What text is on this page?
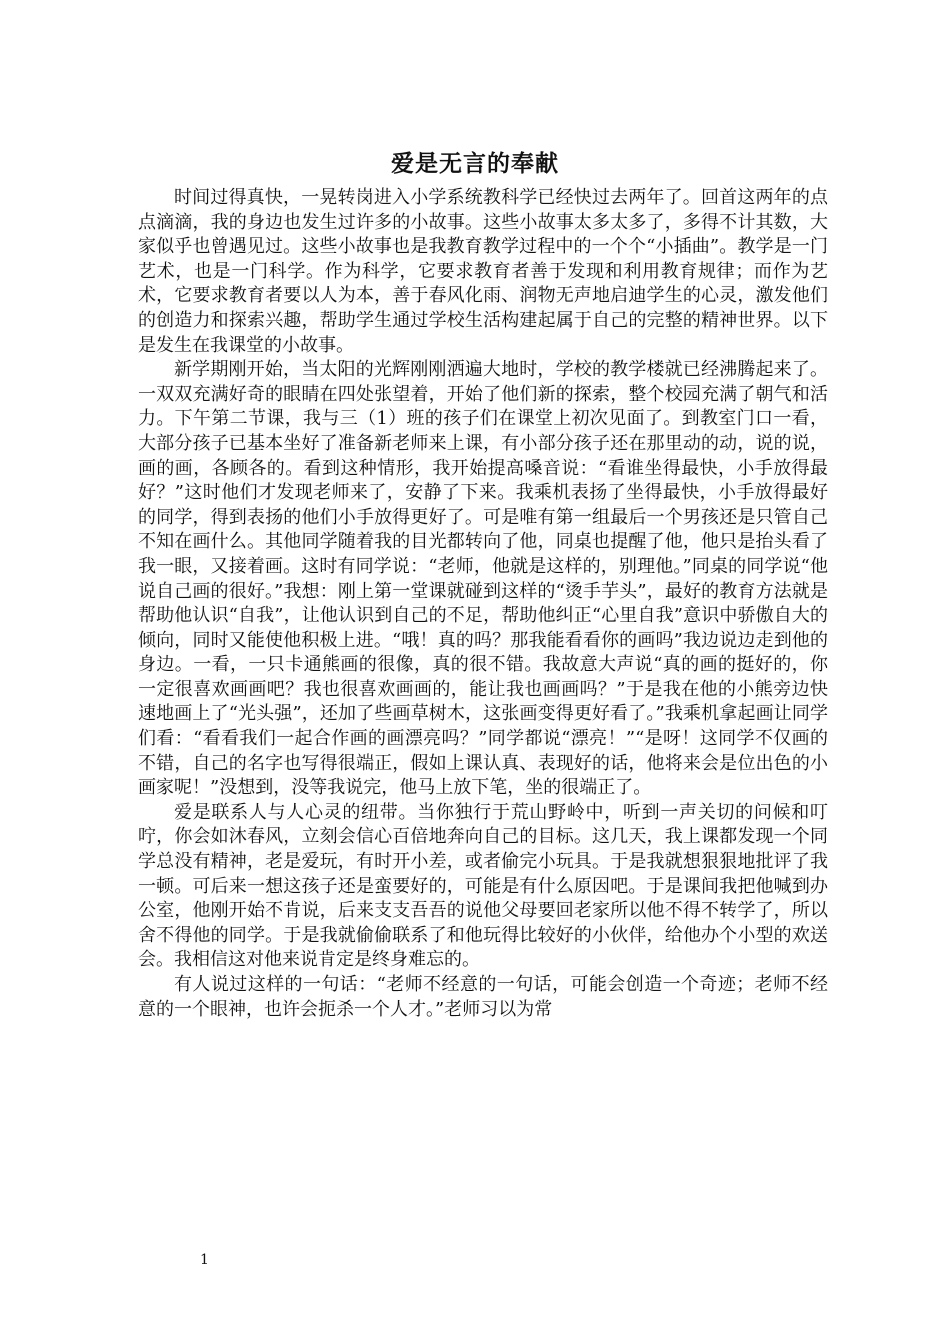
爱是无言的奉献

时间过得真快，一晃转岗进入小学系统教科学已经快过去两年了。回首这两年的点点滴滴，我的身边也发生过许多的小故事。这些小故事太多太多了，多得不计其数，大家似乎也曾遇见过。这些小故事也是我教育教学过程中的一个个“小插曲”。教学是一门艺术，也是一门科学。作为科学，它要求教育者善于发现和利用教育规律；而作为艺术，它要求教育者要以人为本，善于春风化雨、润物无声地启迪学生的心灵，激发他们的创造力和探索兴趣，帮助学生通过学校生活构建起属于自己的完整的精神世界。以下是发生在我课堂的小故事。

新学期刚开始，当太阳的光辉刚刚洒遍大地时，学校的教学楼就已经沸腾起来了。一双双充满好奇的眼睛在四处张望着，开始了他们新的探索，整个校园充满了朝气和活力。下午第二节课，我与三（1）班的孩子们在课堂上初次见面了。到教室门口一看，大部分孩子已基本坐好了准备新老师来上课，有小部分孩子还在那里动的动，说的说，画的画，各顾各的。看到这种情形，我开始提高嗓音说：“看谁坐得最快，小手放得最好？”这时他们才发现老师来了，安静了下来。我乘机表扬了坐得最快，小手放得最好的同学，得到表扬的他们小手放得更好了。可是唯有第一组最后一个男孩还是只管自己不知在画什么。其他同学随着我的目光都转向了他，同桌也提醒了他，他只是抬头看了我一眼，又接着画。这时有同学说：“老师，他就是这样的，别理他。”同桌的同学说“他说自己画的很好。”我想：刚上第一堂课就碰到这样的“烫手芋头”，最好的教育方法就是帮助他认识“自我”，让他认识到自己的不足，帮助他纠正“心里自我”意识中骄傲自大的倾向，同时又能使他积极上进。“哦！真的吗？那我能看看你的画吗”我边说边走到他的身边。一看，一只卡通熊画的很像，真的很不错。我故意大声说“真的画的挺好的，你一定很喜欢画画吧？我也很喜欢画画的，能让我也画画吗？”于是我在他的小熊旁边快速地画上了“光头强”，还加了些画草树木，这张画变得更好看了。”我乘机拿起画让同学们看：“看看我们一起合作画的画漂亮吗？”同学都说“漂亮！”“是呀！这同学不仅画的不错，自己的名字也写得很端正，假如上课认真、表现好的话，他将来会是位出色的小画家呢！”没想到，没等我说完，他马上放下笔，坐的很端正了。

爱是联系人与人心灵的纽带。当你独行于荒山野岭中，听到一声关切的问候和叮咛，你会如沐春风，立刻会信心百倍地奔向自己的目标。这几天，我上课都发现一个同学总没有精神，老是爱玩，有时开小差，或者偷完小玩具。于是我就想狠狠地批评了我一顿。可后来一想这孩子还是蛮要好的，可能是有什么原因吧。于是课间我把他喊到办公室，他刚开始不肯说，后来支支吾吾的说他父母要回老家所以他不得不转学了，所以舍不得他的同学。于是我就偷偷联系了和他玩得比较好的小伙伴，给他办个小型的欢送会。我相信这对他来说肯定是终身难忘的。

有人说过这样的一句话：“老师不经意的一句话，可能会创造一个奇迹；老师不经意的一个眼神，也许会扼杀一个人才。”老师习以为常

1
